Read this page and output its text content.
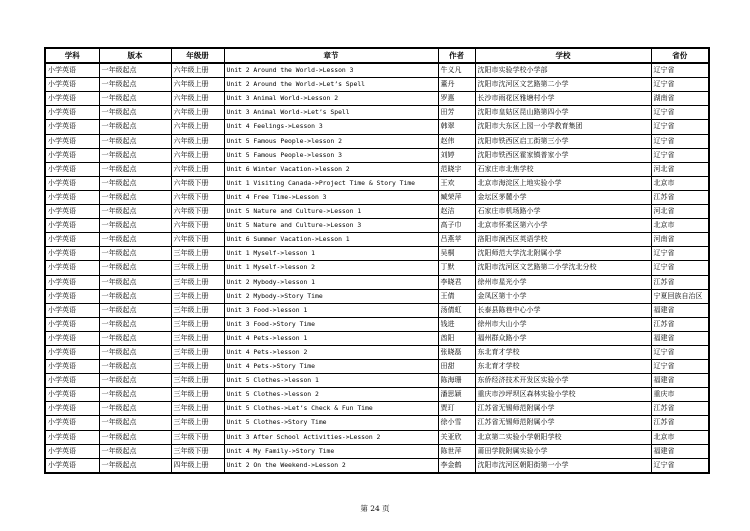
学科	版本	年级册	章节	作者	学校	省份
小学英语	一年级起点	六年级上册	Unit 2 Around the World->Lesson 3	牛义凡	沈阳市实验学校小学部	辽宁省
小学英语	一年级起点	六年级上册	Unit 2 Around the World->Let’s Spell	董丹	沈阳市沈河区文艺路第二小学	辽宁省
小学英语	一年级起点	六年级上册	Unit 3 Animal World->Lesson 2	罗惠	长沙市雨花区雅塘村小学	湖南省
小学英语	一年级起点	六年级上册	Unit 3 Animal World->Let’s Spell	田芳	沈阳市皇姑区昆山路第四小学	辽宁省
小学英语	一年级起点	六年级上册	Unit 4 Feelings->Lesson 3	韩翠	沈阳市大东区上园一小学教育集团	辽宁省
小学英语	一年级起点	六年级上册	Unit 5 Famous People->lesson 2	赵伟	沈阳市铁西区启工街第三小学	辽宁省
小学英语	一年级起点	六年级上册	Unit 5 Famous People->lesson 3	刘婷	沈阳市铁西区霍家镇普家小学	辽宁省
小学英语	一年级起点	六年级上册	Unit 6 Winter Vacation->lesson 2	范晓宇	石家庄市北焦学校	河北省
小学英语	一年级起点	六年级下册	Unit 1 Visiting Canada->Project Time & Story Time	王欢	北京市海淀区上地实验小学	北京市
小学英语	一年级起点	六年级下册	Unit 4 Free Time->Lesson 3	臧荣萍	金坛区茅麓小学	江苏省
小学英语	一年级起点	六年级下册	Unit 5 Nature and Culture->Lesson 1	赵洁	石家庄市机场路小学	河北省
小学英语	一年级起点	六年级下册	Unit 5 Nature and Culture->Lesson 3	高子巾	北京市怀柔区第六小学	北京市
小学英语	一年级起点	六年级下册	Unit 6 Summer Vacation->Lesson 1	吕燕苹	洛阳市涧西区英语学校	河南省
小学英语	一年级起点	三年级上册	Unit 1 Myself->lesson 1	吴桐	沈阳师范大学沈北附属小学	辽宁省
小学英语	一年级起点	三年级上册	Unit 1 Myself->lesson 2	丁默	沈阳市沈河区文艺路第二小学沈北分校	辽宁省
小学英语	一年级起点	三年级上册	Unit 2 Mybody->lesson 1	李晓君	徐州市星光小学	江苏省
小学英语	一年级起点	三年级上册	Unit 2 Mybody->Story Time	王倩	金凤区第十小学	宁夏回族自治区
小学英语	一年级起点	三年级上册	Unit 3 Food->lesson 1	汤倩虹	长泰县陈巷中心小学	福建省
小学英语	一年级起点	三年级上册	Unit 3 Food->Story Time	钱进	徐州市大山小学	江苏省
小学英语	一年级起点	三年级上册	Unit 4 Pets->lesson 1	酋阳	福州群众路小学	福建省
小学英语	一年级起点	三年级上册	Unit 4 Pets->lesson 2	张晓磊	东北育才学校	辽宁省
小学英语	一年级起点	三年级上册	Unit 4 Pets->Story Time	田甜	东北育才学校	辽宁省
小学英语	一年级起点	三年级上册	Unit 5 Clothes->lesson 1	陈海珊	东侨经济技术开发区实验小学	福建省
小学英语	一年级起点	三年级上册	Unit 5 Clothes->lesson 2	潘思颖	重庆市沙坪坝区森林实验小学校	重庆市
小学英语	一年级起点	三年级上册	Unit 5 Clothes->Let’s Check & Fun Time	贾玎	江苏省无锡师范附属小学	江苏省
小学英语	一年级起点	三年级上册	Unit 5 Clothes->Story Time	徐小雪	江苏省无锡师范附属小学	江苏省
小学英语	一年级起点	三年级下册	Unit 3 After School Activities->Lesson 2	关亚欣	北京第二实验小学朝阳学校	北京市
小学英语	一年级起点	三年级下册	Unit 4 My Family->Story Time	陈世萍	莆田学院附属实验小学	福建省
小学英语	一年级起点	四年级上册	Unit 2 On the Weekend->Lesson 2	李金鹤	沈阳市沈河区朝阳街第一小学	辽宁省
第 24 页
